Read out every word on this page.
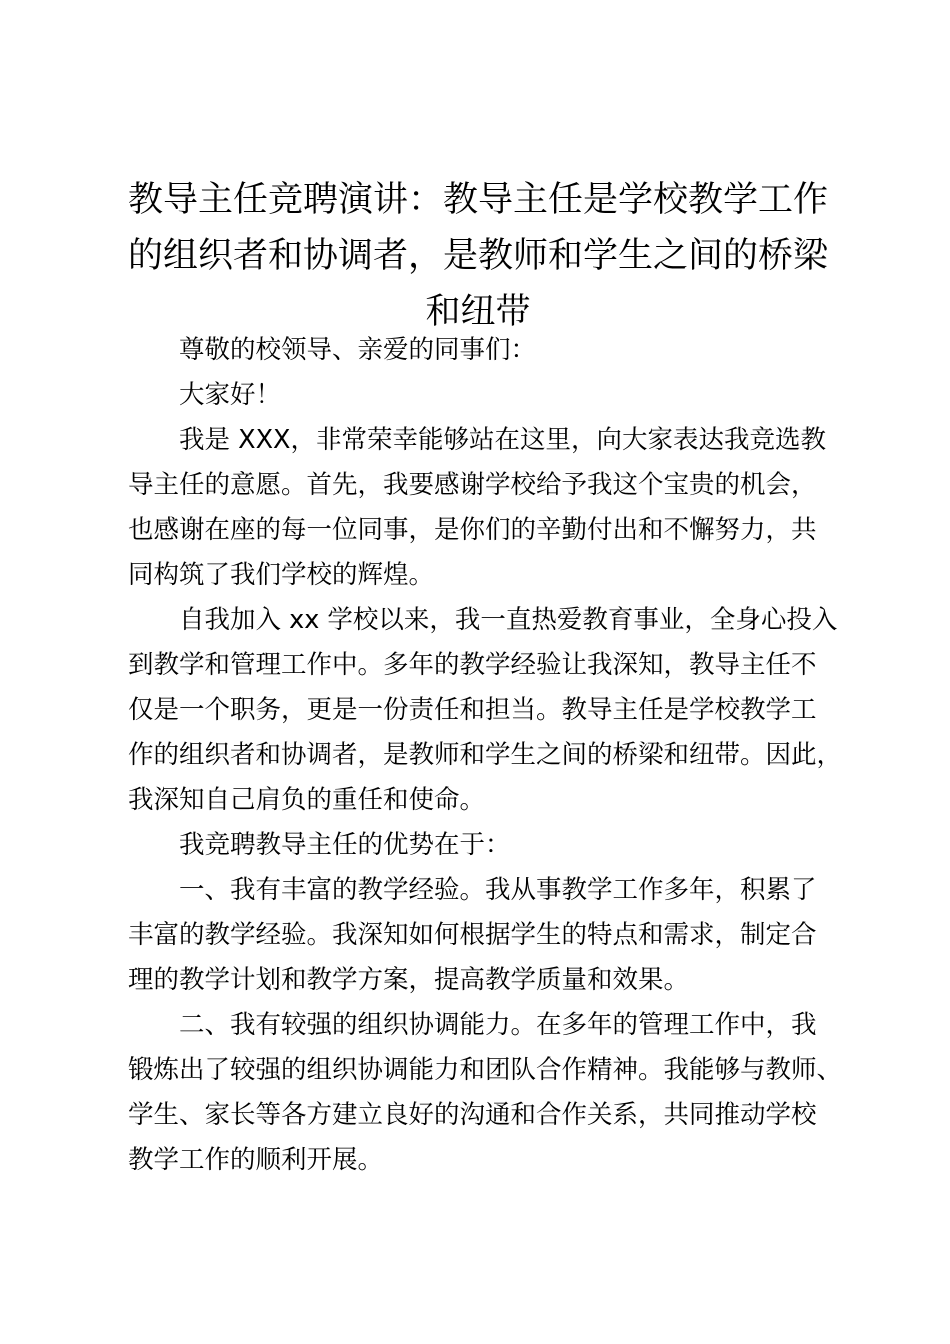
教导主任竞聘演讲：教导主任是学校教学工作
的组织者和协调者，是教师和学生之间的桥梁
和纽带

尊敬的校领导、亲爱的同事们：

大家好！

我是 XXX，非常荣幸能够站在这里，向大家表达我竞选教
导主任的意愿。首先，我要感谢学校给予我这个宝贵的机会，
也感谢在座的每一位同事，是你们的辛勤付出和不懈努力，共
同构筑了我们学校的辉煌。

自我加入 xx 学校以来，我一直热爱教育事业，全身心投入
到教学和管理工作中。多年的教学经验让我深知，教导主任不
仅是一个职务，更是一份责任和担当。教导主任是学校教学工
作的组织者和协调者，是教师和学生之间的桥梁和纽带。因此，
我深知自己肩负的重任和使命。

我竞聘教导主任的优势在于：

一、我有丰富的教学经验。我从事教学工作多年，积累了
丰富的教学经验。我深知如何根据学生的特点和需求，制定合
理的教学计划和教学方案，提高教学质量和效果。

二、我有较强的组织协调能力。在多年的管理工作中，我
锻炼出了较强的组织协调能力和团队合作精神。我能够与教师、
学生、家长等各方建立良好的沟通和合作关系，共同推动学校
教学工作的顺利开展。
